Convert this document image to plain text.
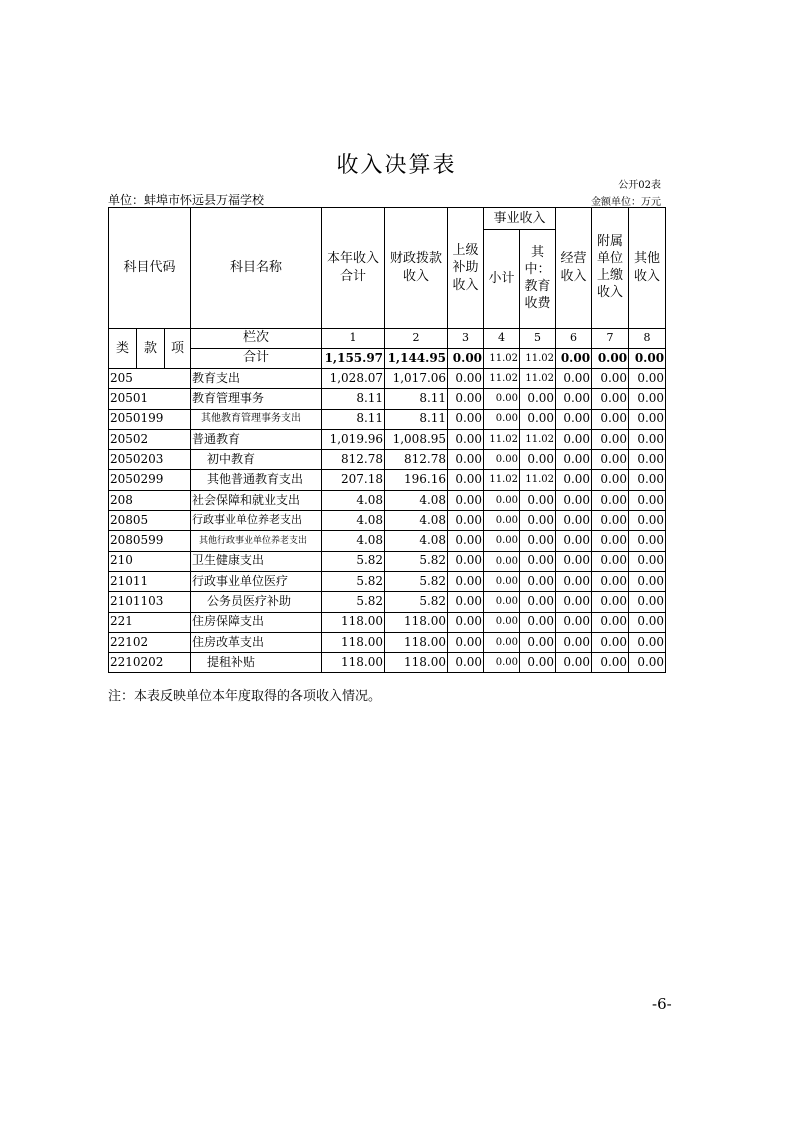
收入决算表
公开02表
单位：蚌埠市怀远县万福学校	金额单位：万元
科目代码			科目名称	本年收入合计	财政拨款收入	上级补助收入	事业收入		经营收入	附属单位上缴收入	其他收入
							小计	其中：教育收费			
类	款	项	栏次	1	2	3	4	5	6	7	8
			合计	1,155.97	1,144.95	0.00	11.02	11.02	0.00	0.00	0.00
205			教育支出	1,028.07	1,017.06	0.00	11.02	11.02	0.00	0.00	0.00
20501			教育管理事务	8.11	8.11	0.00	0.00	0.00	0.00	0.00	0.00
2050199			其他教育管理事务支出	8.11	8.11	0.00	0.00	0.00	0.00	0.00	0.00
20502			普通教育	1,019.96	1,008.95	0.00	11.02	11.02	0.00	0.00	0.00
2050203			初中教育	812.78	812.78	0.00	0.00	0.00	0.00	0.00	0.00
2050299			其他普通教育支出	207.18	196.16	0.00	11.02	11.02	0.00	0.00	0.00
208			社会保障和就业支出	4.08	4.08	0.00	0.00	0.00	0.00	0.00	0.00
20805			行政事业单位养老支出	4.08	4.08	0.00	0.00	0.00	0.00	0.00	0.00
2080599			其他行政事业单位养老支出	4.08	4.08	0.00	0.00	0.00	0.00	0.00	0.00
210			卫生健康支出	5.82	5.82	0.00	0.00	0.00	0.00	0.00	0.00
21011			行政事业单位医疗	5.82	5.82	0.00	0.00	0.00	0.00	0.00	0.00
2101103			公务员医疗补助	5.82	5.82	0.00	0.00	0.00	0.00	0.00	0.00
221			住房保障支出	118.00	118.00	0.00	0.00	0.00	0.00	0.00	0.00
22102			住房改革支出	118.00	118.00	0.00	0.00	0.00	0.00	0.00	0.00
2210202			提租补贴	118.00	118.00	0.00	0.00	0.00	0.00	0.00	0.00
注：本表反映单位本年度取得的各项收入情况。
-6-
